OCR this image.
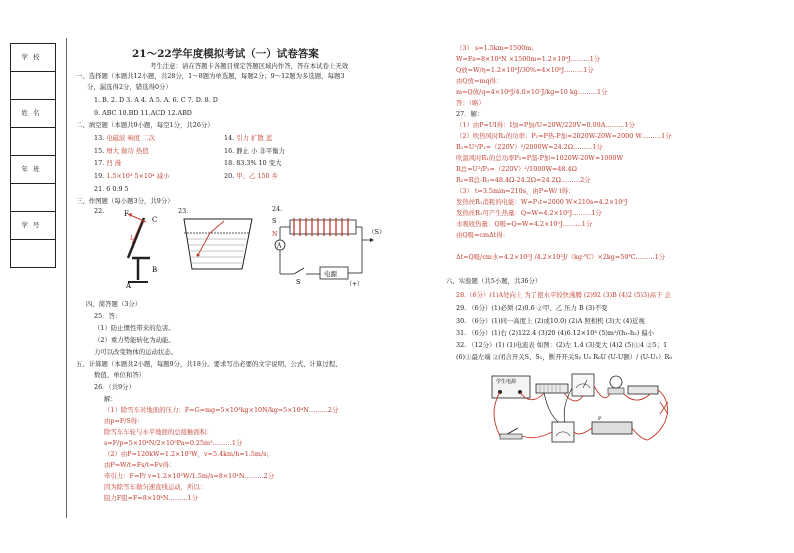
学校
姓名
年班
学号
21～22学年度模拟考试（一）试卷答案
考生注意：请在答题卡各题目规定答题区域内作答，答在本试卷上无效
一、选择题（本题共12小题，共28分，1～8题为单选题，每题2分；9～12题为多选题，每题3
分，漏选得2分，错选得0分）
1. B. 2. D 3. A 4. A 5. A. 6. C 7. D. 8. D
9. ABC 10.BD 11.ACD 12.ABD
二、填空题（本题共9小题，每空1分，共26分）
13. 电磁波 响度 二次	14. 引力 扩散 蓝
15. 增大 做功 热值	16. 静止 小 非平衡力
17. 凹 漫	18. 83.3% 10 变大
19. 1.5×10³ 5×10⁴ 减小	20. 甲、乙 150 乡
21. 6 0.9 5
三、作图题（每小题3分，共9分）
22.	23.	24.
F
C
L
A
B
A
电源
（+）
S
N	（S）
S
四、简答题（3分）
25．答：
（1）防止惯性带来的危害。
（2）重力势能转化为动能。
力可以改变物体的运动状态。
五、计算题（本题共2小题，每题9分，共18分。要求写出必要的文字说明、公式、计算过程、
数值、单位和答）
26．（共9分）
解：
（1）除雪车对地面的压力：F=G=mg=5×10³kg×10N/kg=5×10⁴N………2分
由p=F/S得：
除雪车车轮与水平地面的总接触面积：
s=F/p=5×10⁴N/2×10⁵Pa=0.25m²………1分
（2）由P=120kW=1.2×10⁵W，v=5.4km/h=1.5m/s；
由P=W/t=Fs/t=Fv得：
牵引力：F=P/ v=1.2×10⁵W/1.5m/s=8×10⁴N………2分
因为除雪车做匀速直线运动，所以：
阻力F阻=F=8×10⁴N………1分
（3） s=1.5km=1500m；
W=Fs=8×10⁴N ×1500m=1.2×10⁸J………1分
Q放=W/η=1.2×10⁸J/30%=4×10⁸J………1分
由Q放=mq得：
m=Q放/q=4×10⁸J/4.0×10⁷J/kg=10 kg………1分
答：（略）
27．解：
（1）由P=UI得：I加=P加/U=20W/220V=0.09A………1分
（2）吹热风时R₁的功率：P₁=P热-P加=2020W-20W=2000 W………1分
R₁=U²/P₁=（220V）²/2000W=24.2Ω………1分
吹温风时R₁的总功率P₂=P温-P加=1020W-20W=1000W
R总=U²/P₂=（220V）²/1000W=48.4Ω
R₂=R总-R₁=48.4Ω-24.2Ω=24.2Ω………2分
（3） t=3.5min=210s，由P=W/ t得：
发热丝R₁消耗的电能：W=P₁t=2000 W×210s=4.2×10⁵J
发热丝R₁可产生热量：Q=W=4.2×10⁵J………1分
水吸收热量：Q吸=Q=W=4.2×10⁵J………1分
由Q吸=cmΔt得：
Δt=Q吸/cm水=4.2×10⁵J /4.2×10³J/（kg·℃）×2kg=50℃………1分
六、实验题（共5小题，共36分）
28.（6分）(1)A处向上 为了使水平较快沸腾 (2)92 (3)B (4)2 (5)3)高于 会
29. （6分）(1)必须 (2)0.6 ②甲、乙 压力 B (3)不变
30. （6分）(1)同一高度上 (2)或10.0) (2)A 照相机 (3)大 (4)近视
31. （6分）(1)右 (2)122.4 (3)20 (4)6.12×10³ (5)m²/(h₁-h₂) 偏小
32. （12分）(1) (1)电流表 如图：(2)左 1.4 (3)变大 (4)2 (5)①4 ②5；1
(6)①最左端 ②闭合开关S、S₁，断开开关S₂ U₀ R₀U (U-U额）/ (U-U₁）R₀
学生电源
P
